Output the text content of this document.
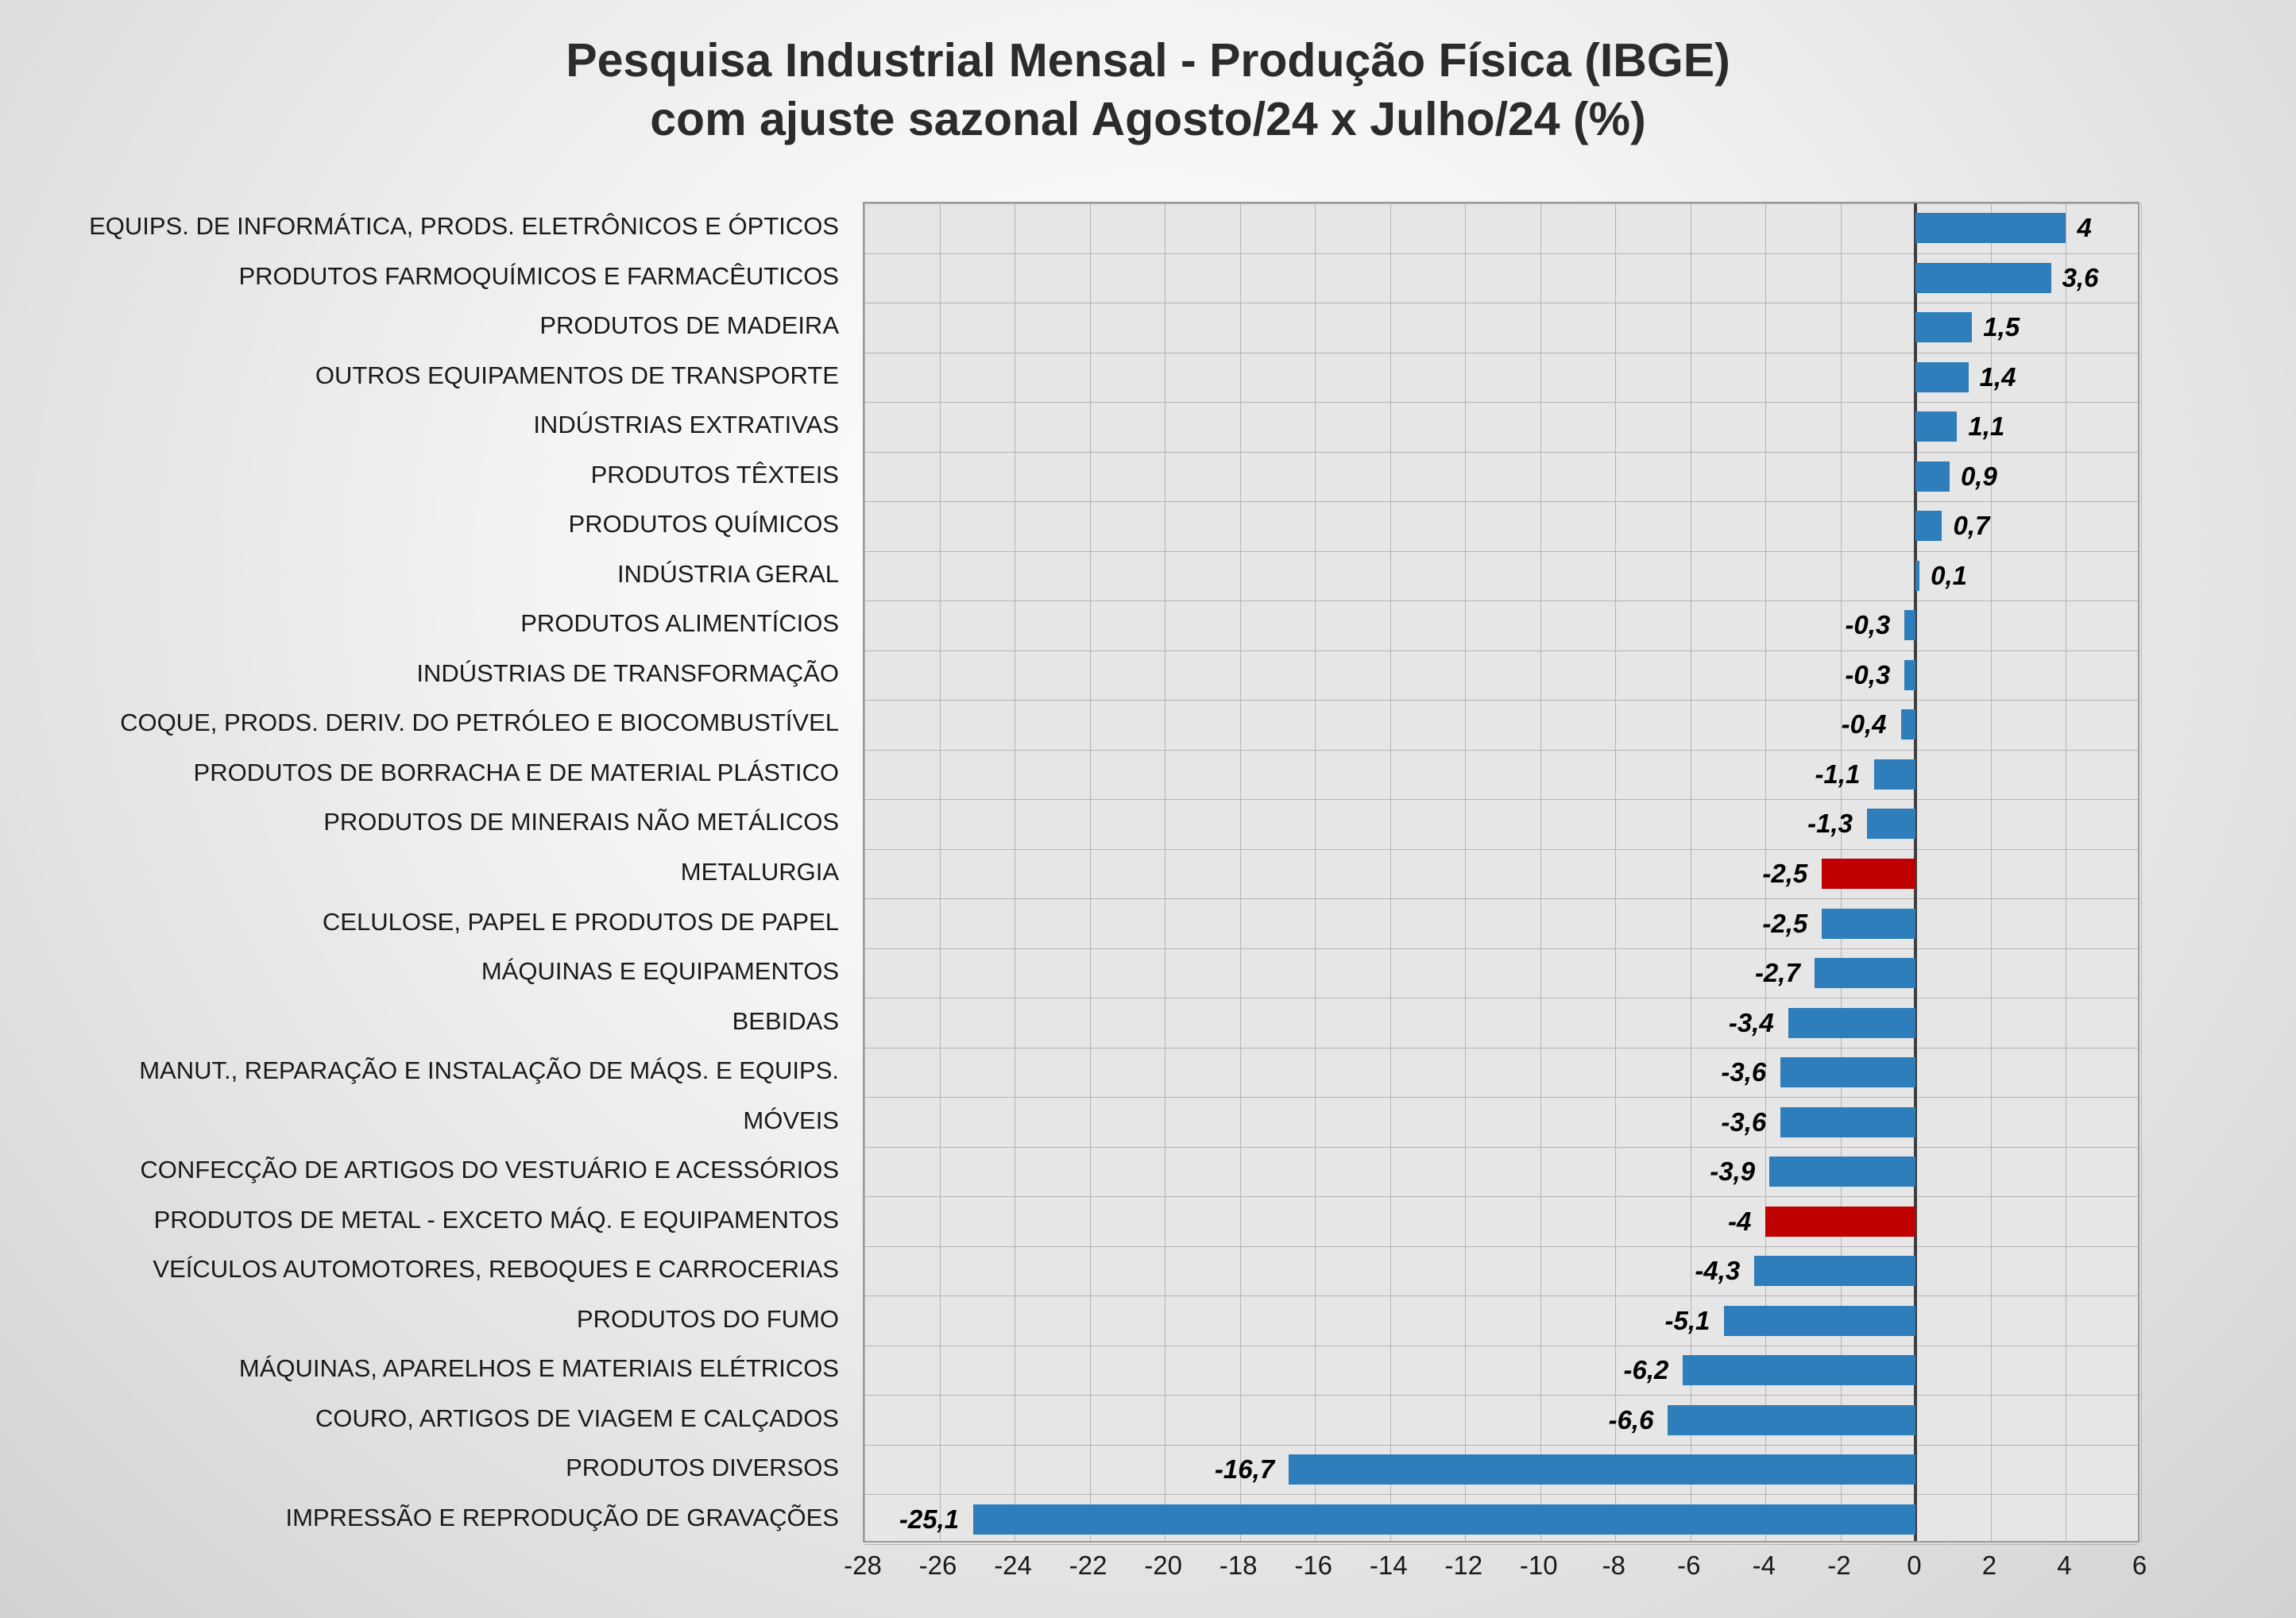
Pesquisa Industrial Mensal - Produção Física (IBGE)
com ajuste sazonal Agosto/24 x Julho/24 (%)
EQUIPS. DE INFORMÁTICA, PRODS. ELETRÔNICOS E ÓPTICOS
PRODUTOS FARMOQUÍMICOS E FARMACÊUTICOS
PRODUTOS DE MADEIRA
OUTROS EQUIPAMENTOS DE TRANSPORTE
INDÚSTRIAS EXTRATIVAS
PRODUTOS TÊXTEIS
PRODUTOS QUÍMICOS
INDÚSTRIA GERAL
PRODUTOS ALIMENTÍCIOS
INDÚSTRIAS DE TRANSFORMAÇÃO
COQUE, PRODS. DERIV. DO PETRÓLEO E BIOCOMBUSTÍVEL
PRODUTOS DE BORRACHA E DE MATERIAL PLÁSTICO
PRODUTOS DE MINERAIS NÃO METÁLICOS
METALURGIA
CELULOSE, PAPEL E PRODUTOS DE PAPEL
MÁQUINAS E EQUIPAMENTOS
BEBIDAS
MANUT., REPARAÇÃO E INSTALAÇÃO DE MÁQS. E EQUIPS.
MÓVEIS
CONFECÇÃO DE ARTIGOS DO VESTUÁRIO E ACESSÓRIOS
PRODUTOS DE METAL - EXCETO MÁQ. E EQUIPAMENTOS
VEÍCULOS AUTOMOTORES, REBOQUES E CARROCERIAS
PRODUTOS DO FUMO
MÁQUINAS, APARELHOS E MATERIAIS ELÉTRICOS
COURO, ARTIGOS DE VIAGEM E CALÇADOS
PRODUTOS DIVERSOS
IMPRESSÃO E REPRODUÇÃO DE GRAVAÇÕES
4
3,6
1,5
1,4
1,1
0,9
0,7
0,1
-0,3
-0,3
-0,4
-1,1
-1,3
-2,5
-2,5
-2,7
-3,4
-3,6
-3,6
-3,9
-4
-4,3
-5,1
-6,2
-6,6
-16,7
-25,1
-28 -26 -24 -22 -20 -18 -16 -14 -12 -10 -8 -6 -4 -2 0 2 4 6
